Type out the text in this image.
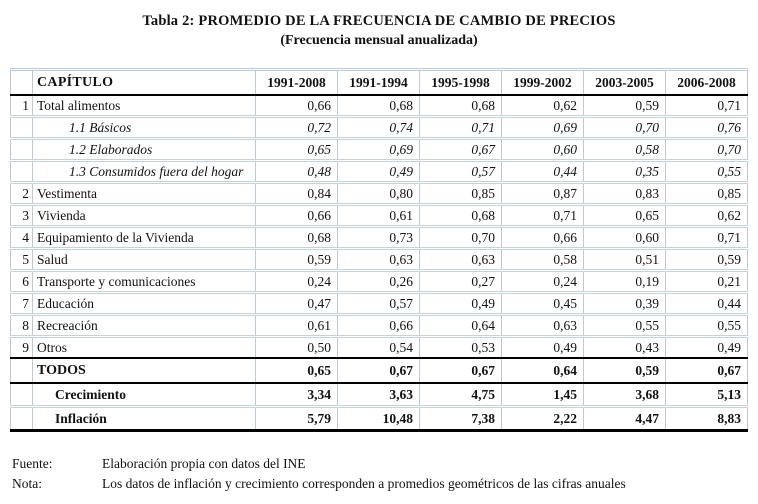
Tabla 2: PROMEDIO DE LA FRECUENCIA DE CAMBIO DE PRECIOS
(Frecuencia mensual anualizada)
	CAPÍTULO	1991-2008	1991-1994	1995-1998	1999-2002	2003-2005	2006-2008
1	Total alimentos	0,66	0,68	0,68	0,62	0,59	0,71
	1.1 Básicos	0,72	0,74	0,71	0,69	0,70	0,76
	1.2 Elaborados	0,65	0,69	0,67	0,60	0,58	0,70
	1.3 Consumidos fuera del hogar	0,48	0,49	0,57	0,44	0,35	0,55
2	Vestimenta	0,84	0,80	0,85	0,87	0,83	0,85
3	Vivienda	0,66	0,61	0,68	0,71	0,65	0,62
4	Equipamiento de la Vivienda	0,68	0,73	0,70	0,66	0,60	0,71
5	Salud	0,59	0,63	0,63	0,58	0,51	0,59
6	Transporte y comunicaciones	0,24	0,26	0,27	0,24	0,19	0,21
7	Educación	0,47	0,57	0,49	0,45	0,39	0,44
8	Recreación	0,61	0,66	0,64	0,63	0,55	0,55
9	Otros	0,50	0,54	0,53	0,49	0,43	0,49
	TODOS	0,65	0,67	0,67	0,64	0,59	0,67
	Crecimiento	3,34	3,63	4,75	1,45	3,68	5,13
	Inflación	5,79	10,48	7,38	2,22	4,47	8,83
Fuente:	Elaboración propia con datos del INE
Nota:	Los datos de inflación y crecimiento corresponden a promedios geométricos de las cifras anuales
